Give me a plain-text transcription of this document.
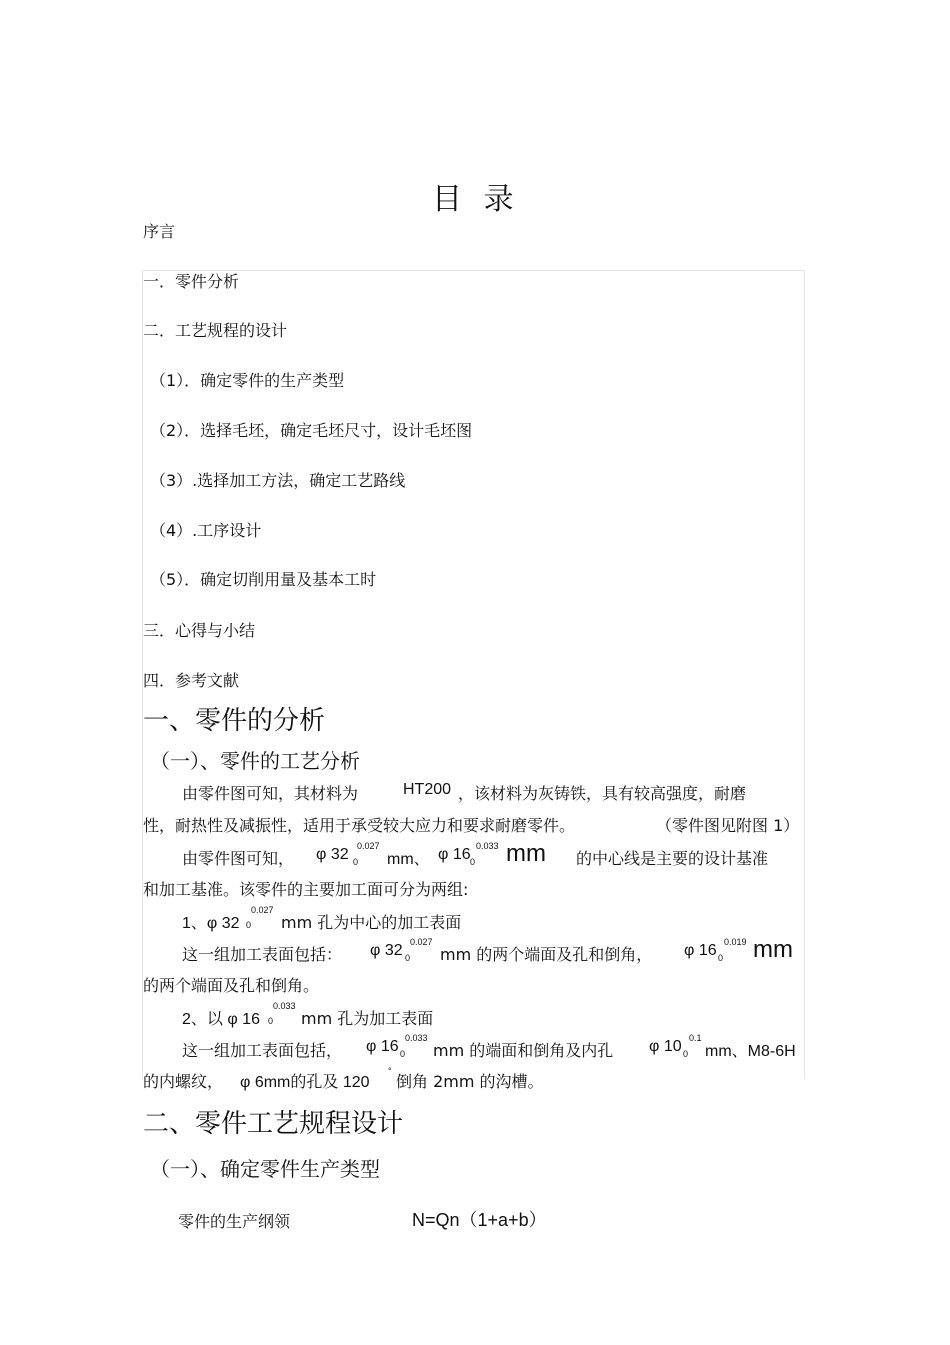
目 录
序言
一．零件分析
二．工艺规程的设计
（1）．确定零件的生产类型
（2）．选择毛坯，确定毛坯尺寸，设计毛坯图
（3）.选择加工方法，确定工艺路线
（4）.工序设计
（5）．确定切削用量及基本工时
三．心得与小结
四．参考文献
一、零件的分析
（一）、零件的工艺分析
由零件图可知，其材料为	HT200 ，该材料为灰铸铁，具有较高强度，耐磨
性，耐热性及减振性，适用于承受较大应力和要求耐磨零件。	（零件图见附图 1）
由零件图可知， φ 32 0.027
0 mm、 φ 16 0.033
0 mm 的中心线是主要的设计基准
和加工基准。该零件的主要加工面可分为两组:
1、φ 32
0.027
0 mm 孔为中心的加工表面
这一组加工表面包括： φ 32 0.027
0 mm 的两个端面及孔和倒角， φ 16 0.019
0 mm
的两个端面及孔和倒角。
2、以 φ 16
0.033
0 mm 孔为加工表面
这一组加工表面包括， φ 16 0.033
0 mm 的端面和倒角及内孔 φ 10 0.1
0 mm、M8-6H
的内螺纹， φ 6mm的孔及 120
°
倒角 2mm 的沟槽。
二、零件工艺规程设计
（一）、确定零件生产类型
零件的生产纲领	N=Qn（1+a+b）
